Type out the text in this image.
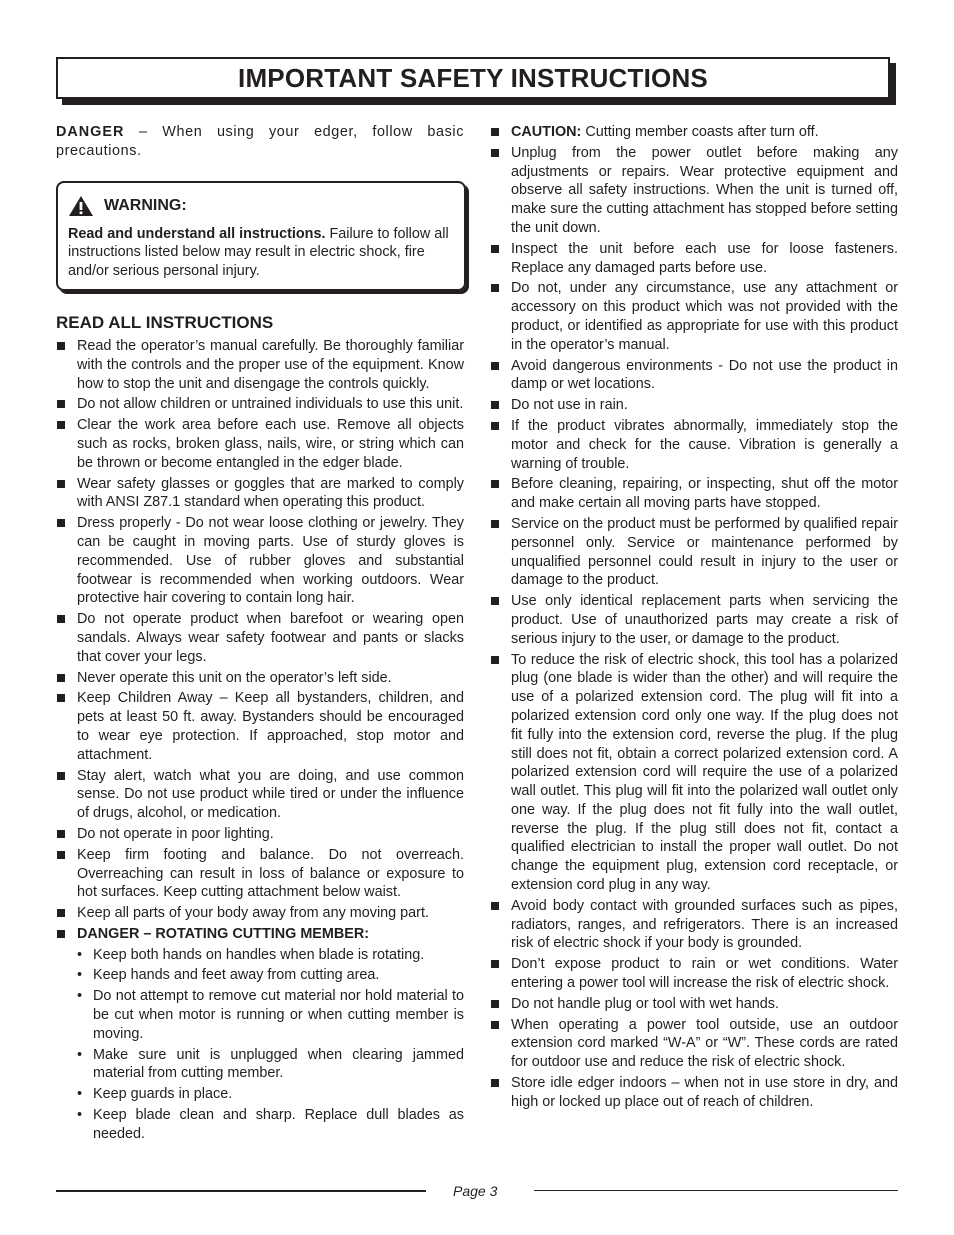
IMPORTANT SAFETY INSTRUCTIONS

DANGER – When using your edger, follow basic precautions.

WARNING:
Read and understand all instructions. Failure to follow all instructions listed below may result in electric shock, fire and/or serious personal injury.
READ ALL INSTRUCTIONS
Read the operator’s manual carefully. Be thoroughly familiar with the controls and the proper use of the equipment. Know how to stop the unit and disengage the controls quickly.
Do not allow children or untrained individuals to use this unit.
Clear the work area before each use. Remove all objects such as rocks, broken glass, nails, wire, or string which can be thrown or become entangled in the edger blade.
Wear safety glasses or goggles that are marked to comply with ANSI Z87.1 standard when operating this product.
Dress properly - Do not wear loose clothing or jewelry. They can be caught in moving parts. Use of sturdy gloves is recommended. Use of rubber gloves and substantial footwear is recommended when working outdoors. Wear protective hair covering to contain long hair.
Do not operate product when barefoot or wearing open sandals. Always wear safety footwear and pants or slacks that cover your legs.
Never operate this unit on the operator’s left side.
Keep Children Away – Keep all bystanders, children, and pets at least 50 ft. away. Bystanders should be encouraged to wear eye protection. If approached, stop motor and attachment.
Stay alert, watch what you are doing, and use common sense. Do not use product while tired or under the influence of drugs, alcohol, or medication.
Do not operate in poor lighting.
Keep firm footing and balance. Do not overreach. Overreaching can result in loss of balance or exposure to hot surfaces. Keep cutting attachment below waist.
Keep all parts of your body away from any moving part.
DANGER – ROTATING CUTTING MEMBER:
• Keep both hands on handles when blade is rotating.
• Keep hands and feet away from cutting area.
• Do not attempt to remove cut material nor hold material to be cut when motor is running or when cutting member is moving.
• Make sure unit is unplugged when clearing jammed material from cutting member.
• Keep guards in place.
• Keep blade clean and sharp. Replace dull blades as needed.
CAUTION: Cutting member coasts after turn off.
Unplug from the power outlet before making any adjustments or repairs. Wear protective equipment and observe all safety instructions. When the unit is turned off, make sure the cutting attachment has stopped before setting the unit down.
Inspect the unit before each use for loose fasteners. Replace any damaged parts before use.
Do not, under any circumstance, use any attachment or accessory on this product which was not provided with the product, or identified as appropriate for use with this product in the operator’s manual.
Avoid dangerous environments - Do not use the product in damp or wet locations.
Do not use in rain.
If the product vibrates abnormally, immediately stop the motor and check for the cause. Vibration is generally a warning of trouble.
Before cleaning, repairing, or inspecting, shut off the motor and make certain all moving parts have stopped.
Service on the product must be performed by qualified repair personnel only. Service or maintenance performed by unqualified personnel could result in injury to the user or damage to the product.
Use only identical replacement parts when servicing the product. Use of unauthorized parts may create a risk of serious injury to the user, or damage to the product.
To reduce the risk of electric shock, this tool has a polarized plug (one blade is wider than the other) and will require the use of a polarized extension cord. The plug will fit into a polarized extension cord only one way. If the plug does not fit fully into the extension cord, reverse the plug. If the plug still does not fit, obtain a correct polarized extension cord. A polarized extension cord will require the use of a polarized wall outlet. This plug will fit into the polarized wall outlet only one way. If the plug does not fit fully into the wall outlet, reverse the plug. If the plug still does not fit, contact a qualified electrician to install the proper wall outlet. Do not change the equipment plug, extension cord receptacle, or extension cord plug in any way.
Avoid body contact with grounded surfaces such as pipes, radiators, ranges, and refrigerators. There is an increased risk of electric shock if your body is grounded.
Don’t expose product to rain or wet conditions. Water entering a power tool will increase the risk of electric shock.
Do not handle plug or tool with wet hands.
When operating a power tool outside, use an outdoor extension cord marked “W-A” or “W”. These cords are rated for outdoor use and reduce the risk of electric shock.
Store idle edger indoors – when not in use store in dry, and high or locked up place out of reach of children.
Page 3
